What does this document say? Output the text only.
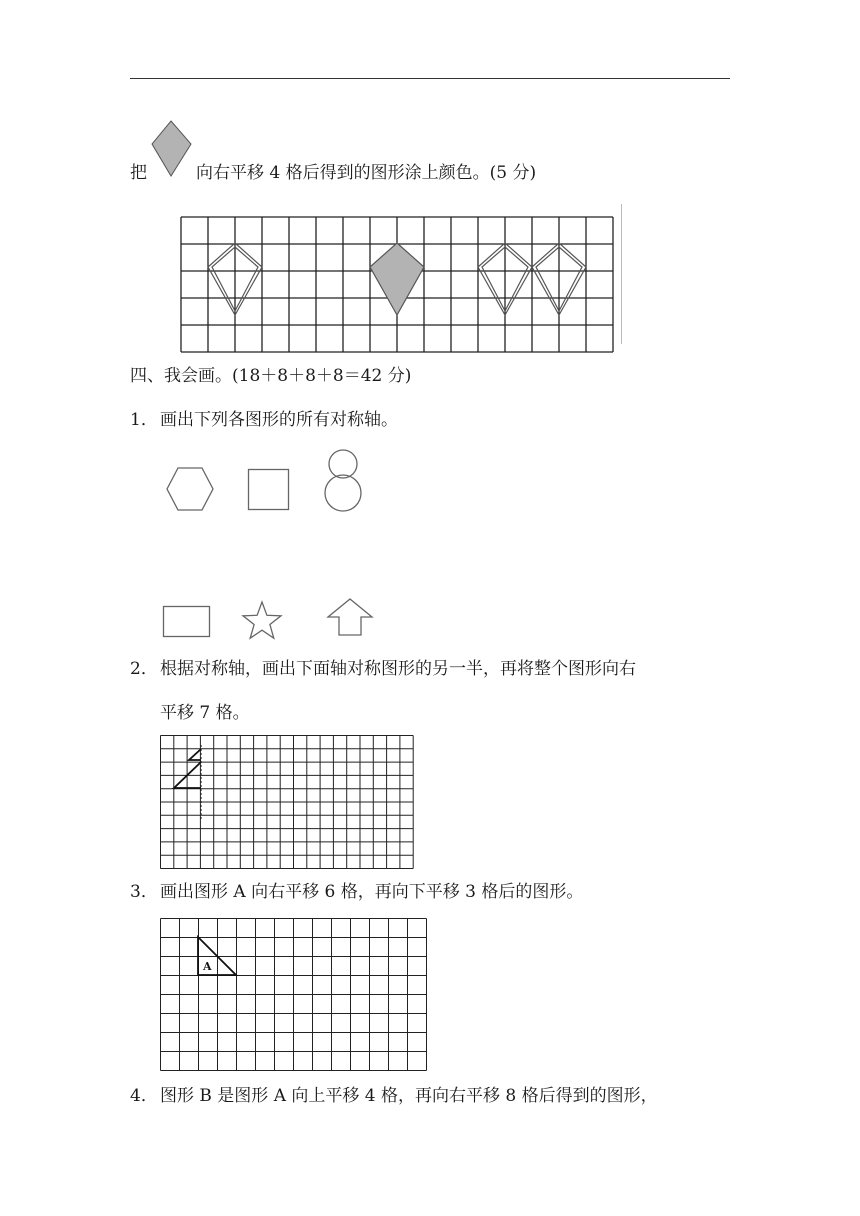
把	向右平移 4 格后得到的图形涂上颜色。(5 分)
四、我会画。(18＋8＋8＋8＝42 分)
1． 画出下列各图形的所有对称轴。
2． 根据对称轴，画出下面轴对称图形的另一半，再将整个图形向右
平移 7 格。
3． 画出图形 A 向右平移 6 格，再向下平移 3 格后的图形。
A
4． 图形 B 是图形 A 向上平移 4 格，再向右平移 8 格后得到的图形，
